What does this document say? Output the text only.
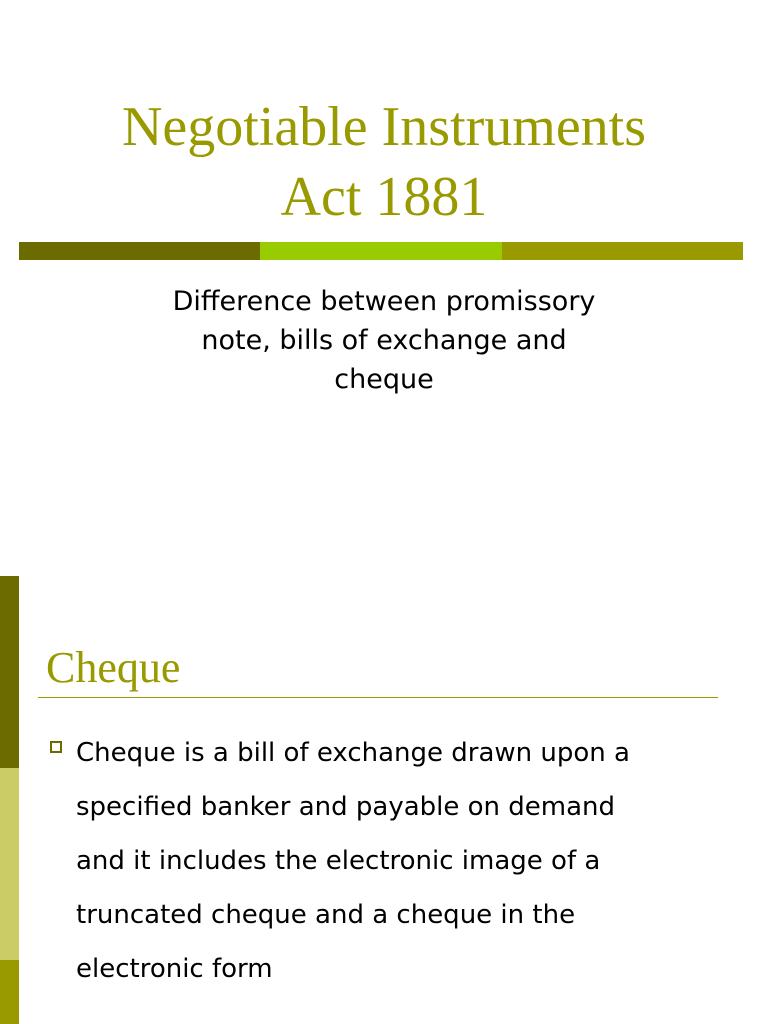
Negotiable Instruments
Act 1881

Difference between promissory
note, bills of exchange and
cheque

Cheque

Cheque is a bill of exchange drawn upon a
specified banker and payable on demand
and it includes the electronic image of a
truncated cheque and a cheque in the
electronic form
